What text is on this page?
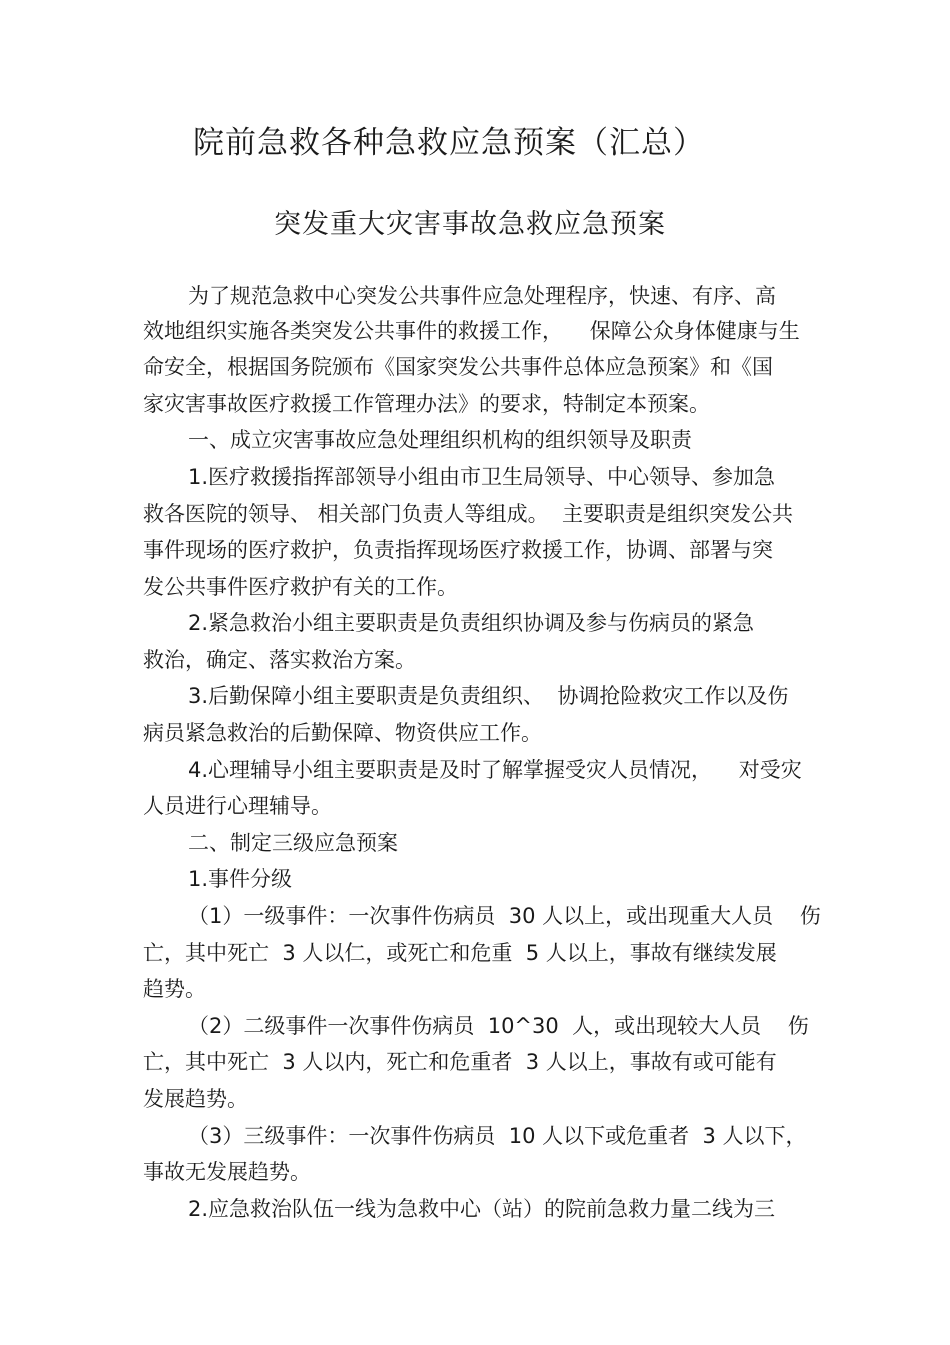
院前急救各种急救应急预案（汇总）
突发重大灾害事故急救应急预案
为了规范急救中心突发公共事件应急处理程序，快速、有序、高
效地组织实施各类突发公共事件的救援工作，    保障公众身体健康与生
命安全，根据国务院颁布《国家突发公共事件总体应急预案》和《国
家灾害事故医疗救援工作管理办法》的要求，特制定本预案。
一、成立灾害事故应急处理组织机构的组织领导及职责
1.医疗救援指挥部领导小组由市卫生局领导、中心领导、参加急
救各医院的领导、 相关部门负责人等组成。  主要职责是组织突发公共
事件现场的医疗救护，负责指挥现场医疗救援工作，协调、部署与突
发公共事件医疗救护有关的工作。
2.紧急救治小组主要职责是负责组织协调及参与伤病员的紧急
救治，确定、落实救治方案。
3.后勤保障小组主要职责是负责组织、  协调抢险救灾工作以及伤
病员紧急救治的后勤保障、物资供应工作。
4.心理辅导小组主要职责是及时了解掌握受灾人员情况，    对受灾
人员进行心理辅导。
二、制定三级应急预案
1.事件分级
（1）一级事件：一次事件伤病员  30 人以上，或出现重大人员    伤
亡，其中死亡  3 人以仁，或死亡和危重  5 人以上，事故有继续发展
趋势。
（2）二级事件一次事件伤病员  10^30  人，或出现较大人员    伤
亡，其中死亡  3 人以内，死亡和危重者  3 人以上，事故有或可能有
发展趋势。
（3）三级事件：一次事件伤病员  10 人以下或危重者  3 人以下，
事故无发展趋势。
2.应急救治队伍一线为急救中心（站）的院前急救力量二线为三
